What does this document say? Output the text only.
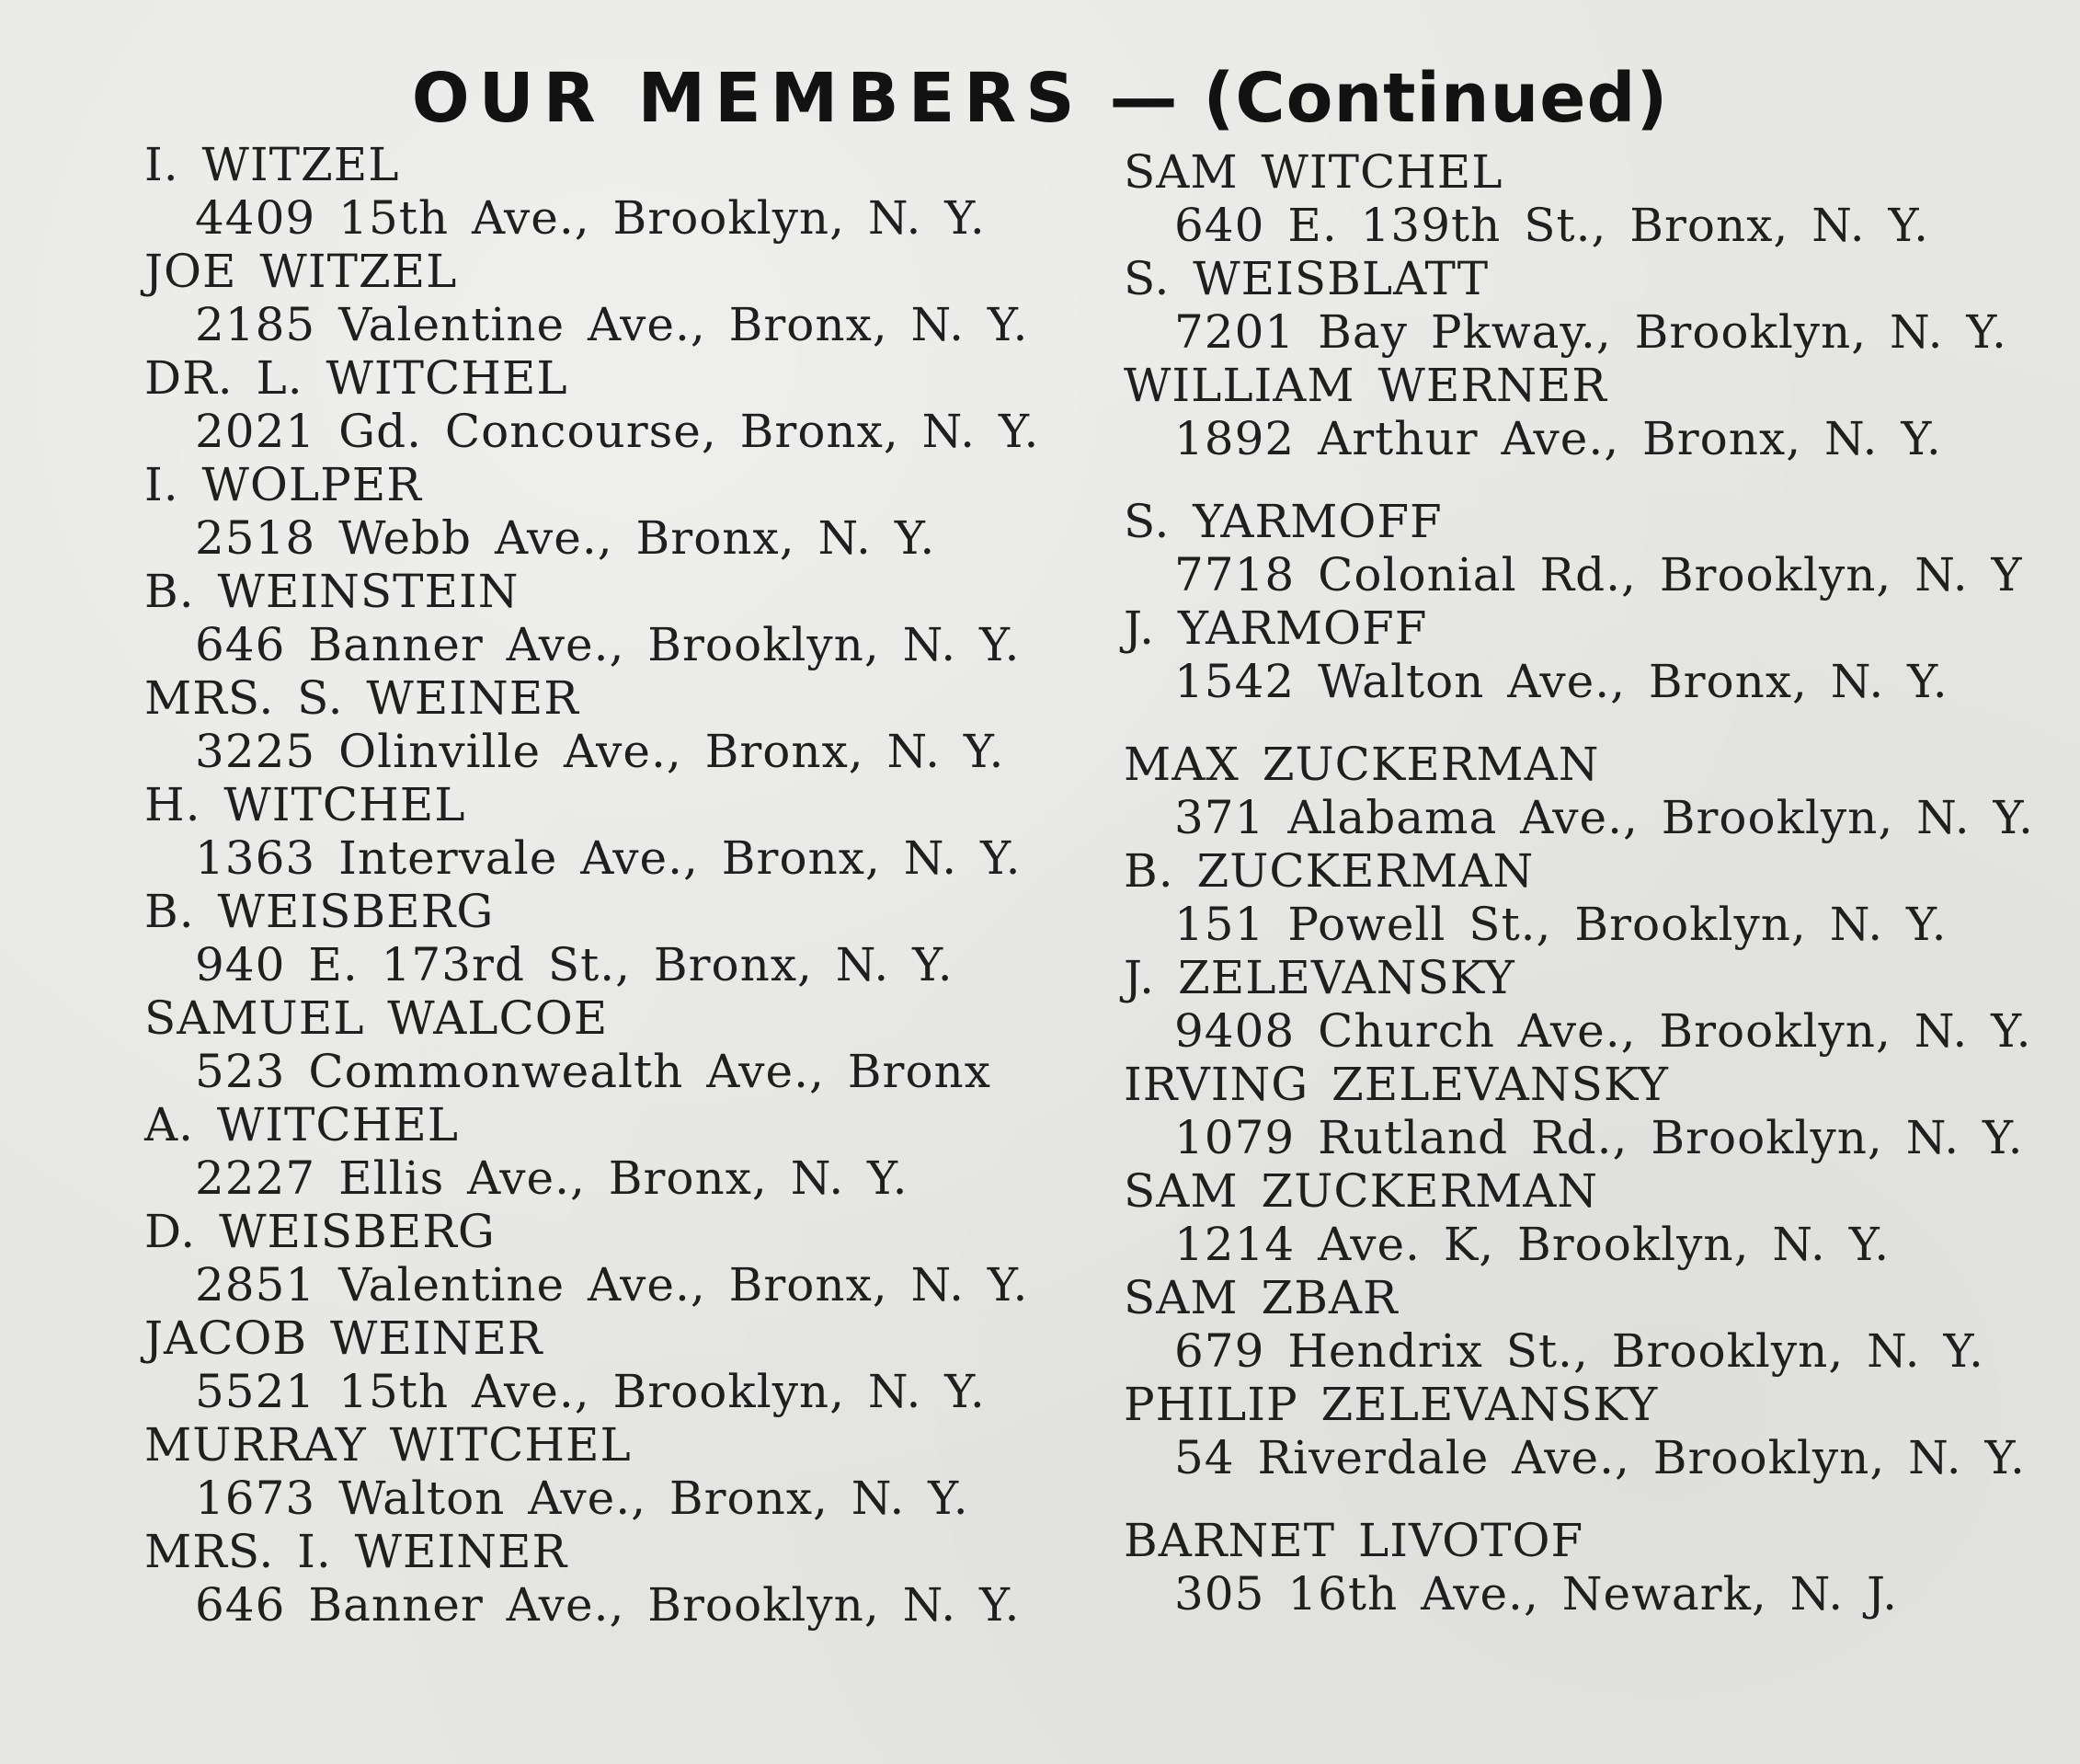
OUR MEMBERS — (Continued)
I. WITZEL
4409 15th Ave., Brooklyn, N. Y.
JOE WITZEL
2185 Valentine Ave., Bronx, N. Y.
DR. L. WITCHEL
2021 Gd. Concourse, Bronx, N. Y.
I. WOLPER
2518 Webb Ave., Bronx, N. Y.
B. WEINSTEIN
646 Banner Ave., Brooklyn, N. Y.
MRS. S. WEINER
3225 Olinville Ave., Bronx, N. Y.
H. WITCHEL
1363 Intervale Ave., Bronx, N. Y.
B. WEISBERG
940 E. 173rd St., Bronx, N. Y.
SAMUEL WALCOE
523 Commonwealth Ave., Bronx
A. WITCHEL
2227 Ellis Ave., Bronx, N. Y.
D. WEISBERG
2851 Valentine Ave., Bronx, N. Y.
JACOB WEINER
5521 15th Ave., Brooklyn, N. Y.
MURRAY WITCHEL
1673 Walton Ave., Bronx, N. Y.
MRS. I. WEINER
646 Banner Ave., Brooklyn, N. Y.
SAM WITCHEL
640 E. 139th St., Bronx, N. Y.
S. WEISBLATT
7201 Bay Pkway., Brooklyn, N. Y.
WILLIAM WERNER
1892 Arthur Ave., Bronx, N. Y.
S. YARMOFF
7718 Colonial Rd., Brooklyn, N. Y
J. YARMOFF
1542 Walton Ave., Bronx, N. Y.
MAX ZUCKERMAN
371 Alabama Ave., Brooklyn, N. Y.
B. ZUCKERMAN
151 Powell St., Brooklyn, N. Y.
J. ZELEVANSKY
9408 Church Ave., Brooklyn, N. Y.
IRVING ZELEVANSKY
1079 Rutland Rd., Brooklyn, N. Y.
SAM ZUCKERMAN
1214 Ave. K, Brooklyn, N. Y.
SAM ZBAR
679 Hendrix St., Brooklyn, N. Y.
PHILIP ZELEVANSKY
54 Riverdale Ave., Brooklyn, N. Y.
BARNET LIVOTOF
305 16th Ave., Newark, N. J.
